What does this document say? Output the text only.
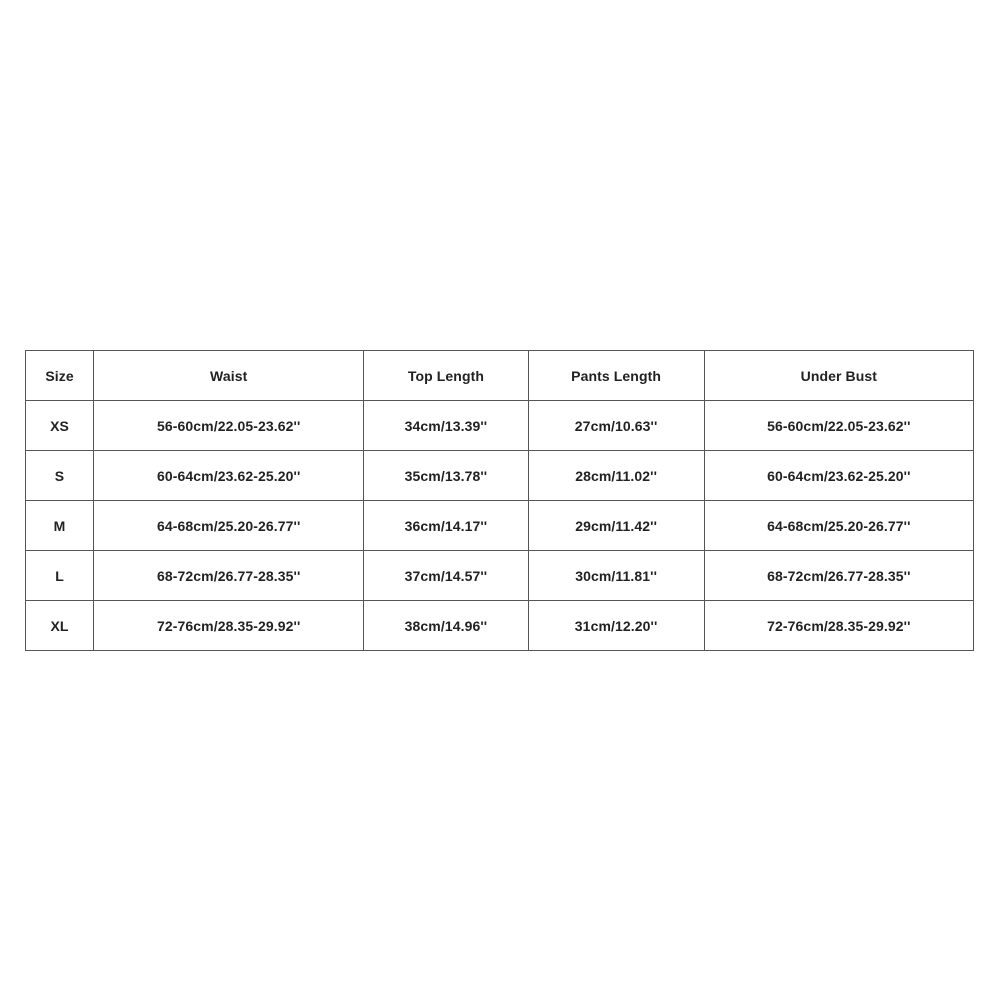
Size	Waist	Top Length	Pants Length	Under Bust
XS	56-60cm/22.05-23.62''	34cm/13.39''	27cm/10.63''	56-60cm/22.05-23.62''
S	60-64cm/23.62-25.20''	35cm/13.78''	28cm/11.02''	60-64cm/23.62-25.20''
M	64-68cm/25.20-26.77''	36cm/14.17''	29cm/11.42''	64-68cm/25.20-26.77''
L	68-72cm/26.77-28.35''	37cm/14.57''	30cm/11.81''	68-72cm/26.77-28.35''
XL	72-76cm/28.35-29.92''	38cm/14.96''	31cm/12.20''	72-76cm/28.35-29.92''
